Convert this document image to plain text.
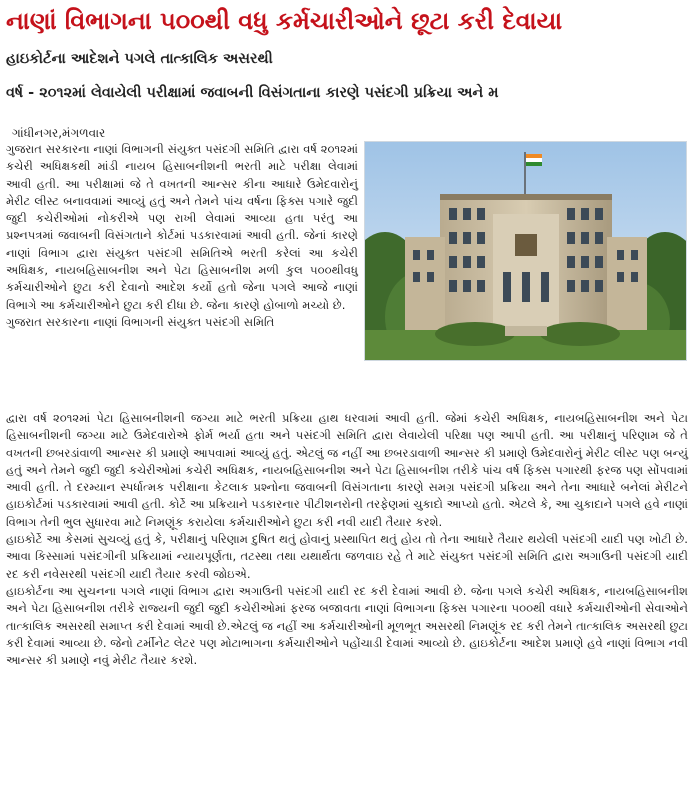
નાણાં વિભાગના ૫૦૦થી વધુ કર્મચારીઓને છૂટા કરી દેવાયા
હાઇકોર્ટના આદેશને પગલે તાત્કાલિક અસરથી
વર્ષ - ૨૦૧૨માં લેવાયેલી પરીક્ષામાં જવાબની વિસંગતાના કારણે પસંદગી પ્રક્રિયા અને મ
ગાંધીનગર,મંગળવાર

ગુજરાત સરકારના નાણાં વિભાગની સંયુક્ત પસંદગી સમિતિ દ્વારા વર્ષ ૨૦૧૨માં કચેરી અધિક્ષકથી માંડી નાયબ હિસાબનીશની ભરતી માટે પરીક્ષા લેવામાં આવી હતી. આ પરીક્ષામાં જે તે વખતની આન્સર કીના આધારે ઉમેદવારોનું મેરીટ લીસ્ટ બનાવવામાં આવ્યું હતું અને તેમને પાંચ વર્ષના ફિક્સ પગારે જુદી જુદી કચેરીઓમાં નોકરીએ પણ રાખી લેવામાં આવ્યા હતા પરંતુ આ પ્રશ્નપત્રમાં જવાબની વિસંગતાને કોર્ટમાં પડકારવામાં આવી હતી. જેનાં કારણે નાણાં વિભાગ દ્વારા સંયુક્ત પસંદગી સમિતિએ ભરતી કરેલાં આ કચેરી અધિક્ષક, નાયબહિસાબનીશ અને પેટા હિસાબનીશ મળી કુલ ૫૦૦થીવધુ કર્મચારીઓને છુટા કરી દેવાનો આદેશ કર્યો હતો જેના પગલે આજે નાણાં વિભાગે આ કર્મચારીઓને છુટા કરી દીધા છે. જેના કારણે હોબાળો મચ્યો છે.

ગુજરાત સરકારના નાણાં વિભાગની સંયુક્ત પસંદગી સમિતિ

દ્વારા વર્ષ ૨૦૧૨માં પેટા હિસાબનીશની જગ્યા માટે ભરતી પ્રક્રિયા હાથ ધરવામાં આવી હતી. જેમાં કચેરી અધિક્ષક, નાયબહિસાબનીશ અને પેટા હિસાબનીશની જગ્યા માટે ઉમેદવારોએ ફોર્મ ભર્યા હતા અને પસંદગી સમિતિ દ્વારા લેવાયેલી પરિક્ષા પણ આપી હતી. આ પરીક્ષાનું પરિણામ જે તે વખતની છબરડાંવાળી આન્સર કી પ્રમાણે આપવામાં આવ્યું હતું. એટલું જ નહીં આ છબરડાવાળી આન્સર કી પ્રમાણે ઉમેદવારોનું મેરીટ લીસ્ટ પણ બન્યું હતું અને તેમને જુદી જુદી કચેરીઓમાં કચેરી અધિક્ષક, નાયબહિસાબનીશ અને પેટા હિસાબનીશ તરીકે પાંચ વર્ષ ફિક્સ પગારથી ફરજ પણ સોંપવામાં આવી હતી. તે દરમ્યાન સ્પર્ધાત્મક પરીક્ષાના કેટલાક પ્રશ્નોના જવાબની વિસંગતાના કારણે સમગ્ર પસંદગી પ્રક્રિયા અને તેના આધારે બનેલાં મેરીટને હાઇકોર્ટમાં પડકારવામાં આવી હતી. કોર્ટે આ પ્રક્રિયાને પડકારનાર પીટીશનરોની તરફેણમાં ચુકાદો આપ્યો હતો. એટલે કે, આ ચુકાદાને પગલે હવે નાણાં વિભાગ તેની ભુલ સુધારવા માટે નિમણૂંક કરાયેલા કર્મચારીઓને છુટા કરી નવી યાદી તૈયાર કરશે.

હાઇકોર્ટે આ કેસમાં સુચવ્યું હતું કે, પરીક્ષાનું પરિણામ દુષિત થતું હોવાનું પ્રસ્થાપિત થતું હોય તો તેના આધારે તૈયાર થયેલી પસંદગી યાદી પણ ખોટી છે. આવા કિસ્સામાં પસંદગીની પ્રક્રિયામાં ન્યાયપૂર્ણતા, તટસ્થા તથા યથાર્થતા જળવાઇ રહે તે માટે સંયુક્ત પસંદગી સમિતિ દ્વારા અગાઉની પસંદગી યાદી રદ કરી નવેસરથી પસંદગી યાદી તૈયાર કરવી જોઇએ.

હાઇકોર્ટના આ સુચનના પગલે નાણાં વિભાગ દ્વારા અગાઉની પસંદગી યાદી રદ કરી દેવામાં આવી છે. જેના પગલે કચેરી અધિક્ષક, નાયબહિસાબનીશ અને પેટા હિસાબનીશ તરીકે રાજ્યની જુદી જુદી કચેરીઓમાં ફરજ બજાવતા નાણાં વિભાગના ફિક્સ પગારના ૫૦૦થી વધારે કર્મચારીઓની સેવાઓને તાત્કાલિક અસરથી સમાપ્ત કરી દેવામાં આવી છે.એટલું જ નહીં આ કર્મચારીઓની મૂળભૂત અસરથી નિમણૂંક રદ કરી તેમને તાત્કાલિક અસરથી છુટા કરી દેવામાં આવ્યા છે. જેનો ટર્મીનેટ લેટર પણ મોટાભાગના કર્મચારીઓને પહોંચાડી દેવામાં આવ્યો છે. હાઇકોર્ટના આદેશ પ્રમાણે હવે નાણાં વિભાગ નવી આન્સર કી પ્રમાણે નવું મેરીટ તૈયાર કરશે.
